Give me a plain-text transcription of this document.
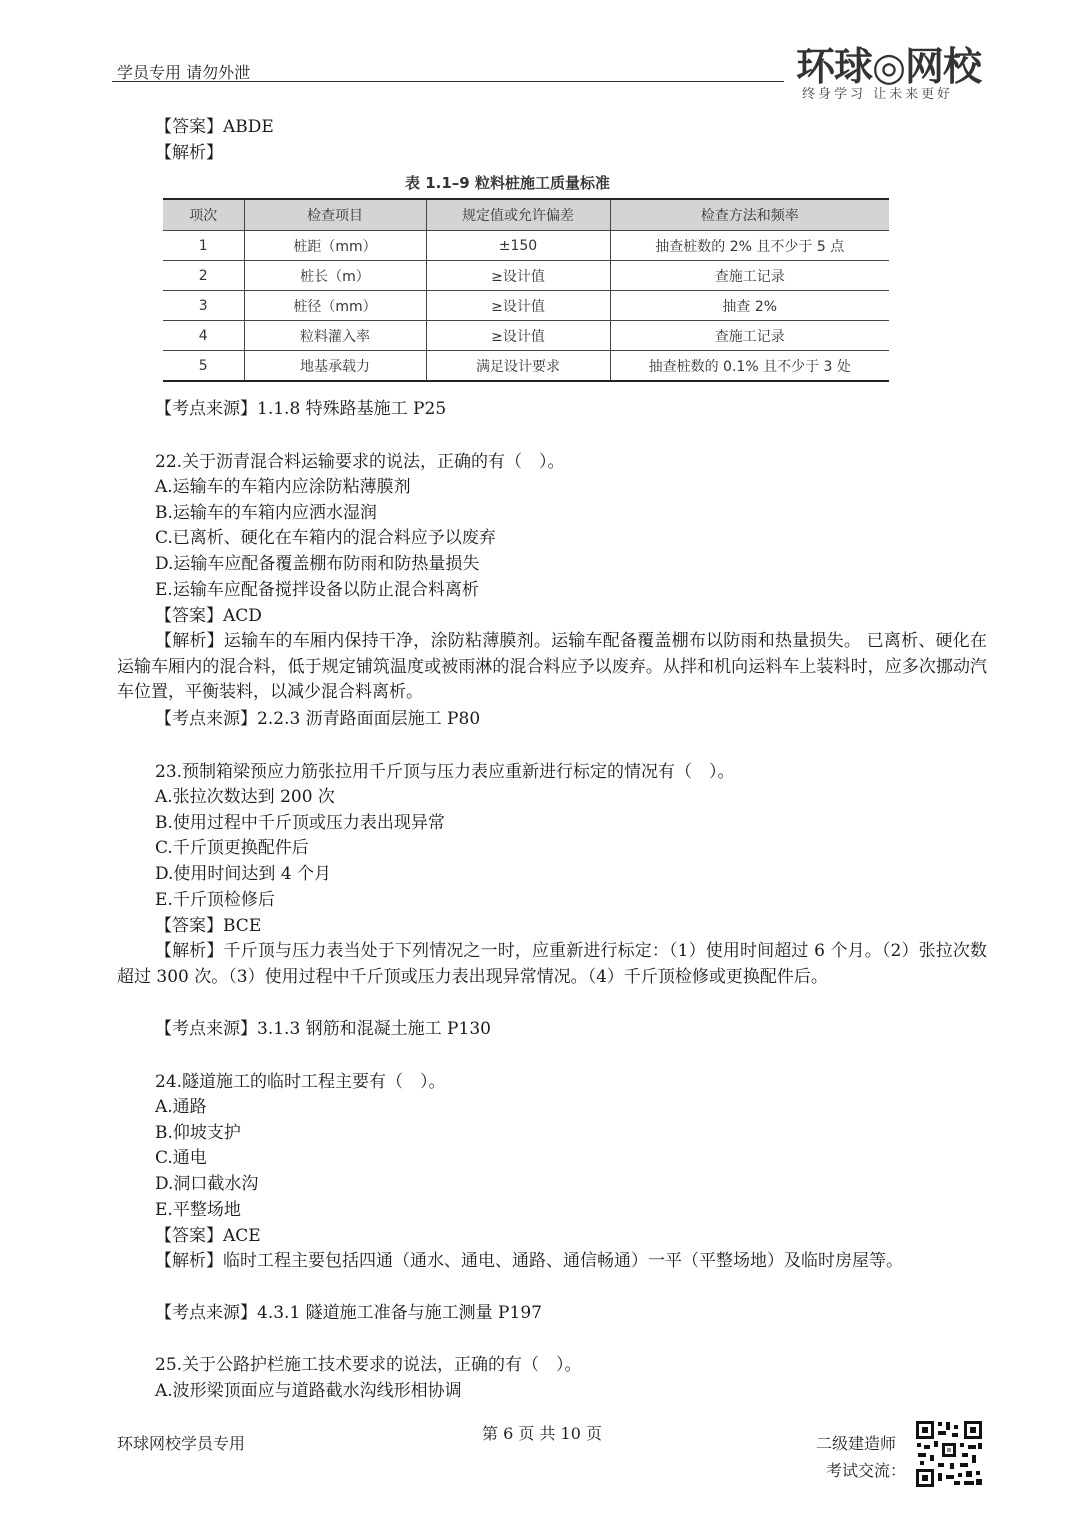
学员专用 请勿外泄	环球◎网校
终身学习 让未来更好
【答案】ABDE
【解析】
表 1.1–9 粒料桩施工质量标准
项次	检查项目	规定值或允许偏差	检查方法和频率
1	桩距（mm）	±150	抽查桩数的 2% 且不少于 5 点
2	桩长（m）	≥设计值	查施工记录
3	桩径（mm）	≥设计值	抽查 2%
4	粒料灌入率	≥设计值	查施工记录
5	地基承载力	满足设计要求	抽查桩数的 0.1% 且不少于 3 处
【考点来源】1.1.8 特殊路基施工 P25
22.关于沥青混合料运输要求的说法，正确的有（　）。
A.运输车的车箱内应涂防粘薄膜剂
B.运输车的车箱内应洒水湿润
C.已离析、硬化在车箱内的混合料应予以废弃
D.运输车应配备覆盖棚布防雨和防热量损失
E.运输车应配备搅拌设备以防止混合料离析
【答案】ACD
【解析】运输车的车厢内保持干净，涂防粘薄膜剂。运输车配备覆盖棚布以防雨和热量损失。 已离析、硬化在运输车厢内的混合料，低于规定铺筑温度或被雨淋的混合料应予以废弃。从拌和机向运料车上装料时，应多次挪动汽车位置，平衡装料，以减少混合料离析。
【考点来源】2.2.3 沥青路面面层施工 P80
23.预制箱梁预应力筋张拉用千斤顶与压力表应重新进行标定的情况有（　）。
A.张拉次数达到 200 次
B.使用过程中千斤顶或压力表出现异常
C.千斤顶更换配件后
D.使用时间达到 4 个月
E.千斤顶检修后
【答案】BCE
【解析】千斤顶与压力表当处于下列情况之一时，应重新进行标定：（1）使用时间超过 6 个月。（2）张拉次数超过 300 次。（3）使用过程中千斤顶或压力表出现异常情况。（4）千斤顶检修或更换配件后。
【考点来源】3.1.3 钢筋和混凝土施工 P130
24.隧道施工的临时工程主要有（　）。
A.通路
B.仰坡支护
C.通电
D.洞口截水沟
E.平整场地
【答案】ACE
【解析】临时工程主要包括四通（通水、通电、通路、通信畅通）一平（平整场地）及临时房屋等。
【考点来源】4.3.1 隧道施工准备与施工测量 P197
25.关于公路护栏施工技术要求的说法，正确的有（　）。
A.波形梁顶面应与道路截水沟线形相协调
环球网校学员专用
第 6 页 共 10 页
二级建造师
考试交流：
